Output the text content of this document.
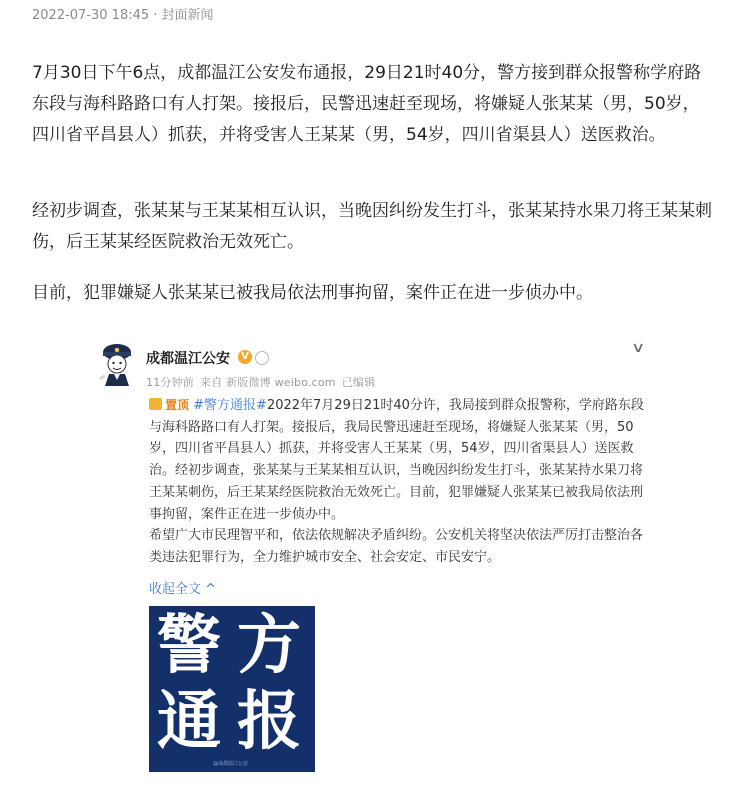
2022-07-30 18:45 · 封面新闻

7月30日下午6点，成都温江公安发布通报，29日21时40分，警方接到群众报警称学府路东段与海科路路口有人打架。接报后，民警迅速赶至现场，将嫌疑人张某某（男，50岁，四川省平昌县人）抓获，并将受害人王某某（男，54岁，四川省渠县人）送医救治。

经初步调查，张某某与王某某相互认识，当晚因纠纷发生打斗，张某某持水果刀将王某某刺伤，后王某某经医院救治无效死亡。

目前，犯罪嫌疑人张某某已被我局依法刑事拘留，案件正在进一步侦办中。

成都温江公安	V
∨
11分钟前 来自 新版微博 weibo.com 已编辑

置顶 #警方通报#2022年7月29日21时40分许，我局接到群众报警称，学府路东段与海科路路口有人打架。接报后，我局民警迅速赶至现场，将嫌疑人张某某（男，50岁，四川省平昌县人）抓获，并将受害人王某某（男，54岁，四川省渠县人）送医救治。经初步调查，张某某与王某某相互认识，当晚因纠纷发生打斗，张某某持水果刀将王某某刺伤，后王某某经医院救治无效死亡。目前，犯罪嫌疑人张某某已被我局依法刑事拘留，案件正在进一步侦办中。
希望广大市民理智平和，依法依规解决矛盾纠纷。公安机关将坚决依法严厉打击整治各类违法犯罪行为，全力维护城市安全、社会安定、市民安宁。

收起全文 ^
警 方
通 报
@成都温江公安
